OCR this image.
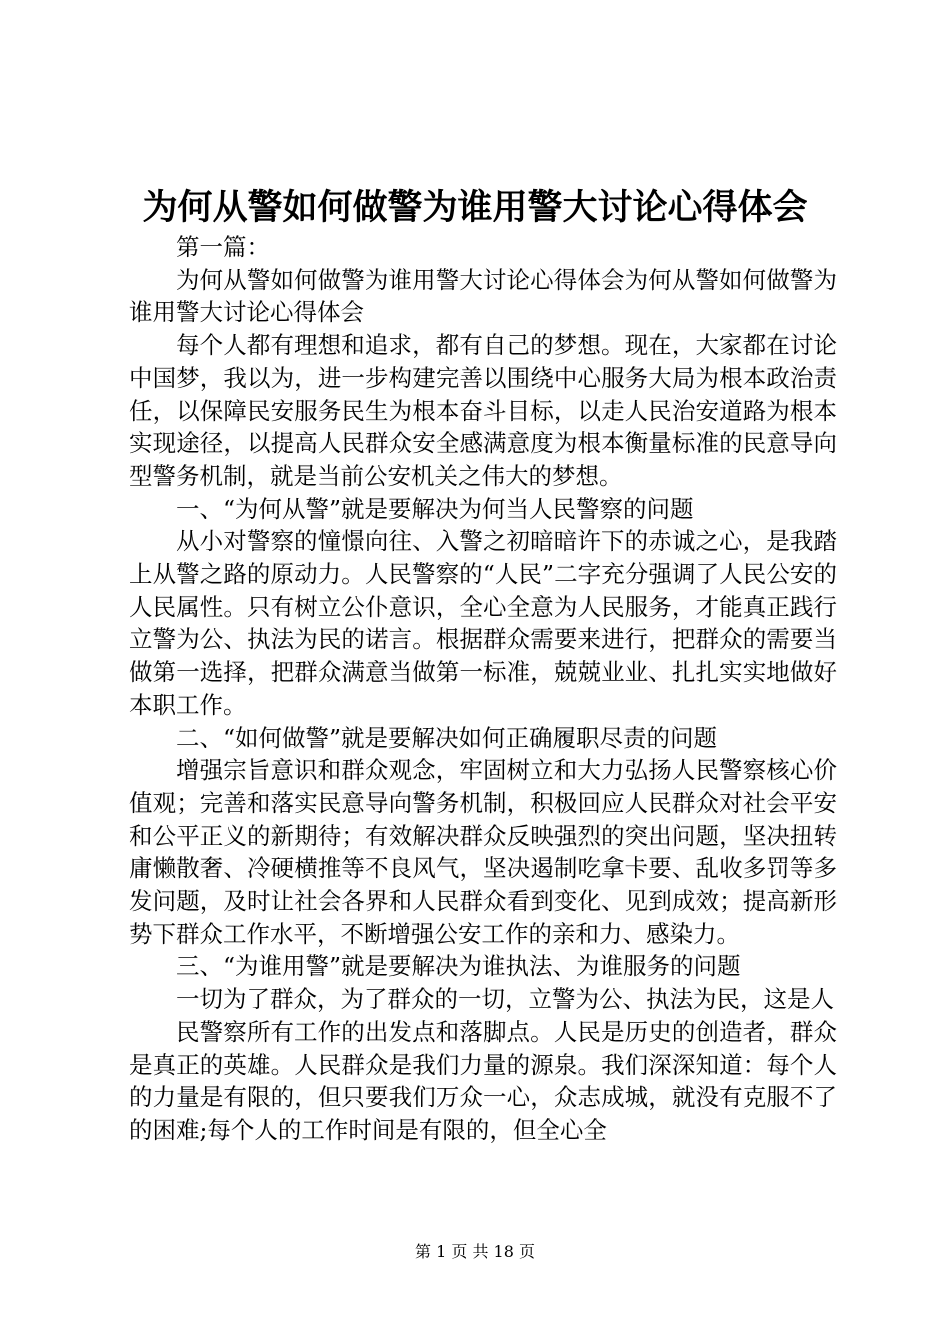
为何从警如何做警为谁用警大讨论心得体会

第一篇：

为何从警如何做警为谁用警大讨论心得体会为何从警如何做警为谁用警大讨论心得体会

每个人都有理想和追求，都有自己的梦想。现在，大家都在讨论中国梦，我以为，进一步构建完善以围绕中心服务大局为根本政治责任，以保障民安服务民生为根本奋斗目标，以走人民治安道路为根本实现途径，以提高人民群众安全感满意度为根本衡量标准的民意导向型警务机制，就是当前公安机关之伟大的梦想。

一、“为何从警”就是要解决为何当人民警察的问题

从小对警察的憧憬向往、入警之初暗暗许下的赤诚之心，是我踏上从警之路的原动力。人民警察的“人民”二字充分强调了人民公安的人民属性。只有树立公仆意识，全心全意为人民服务，才能真正践行立警为公、执法为民的诺言。根据群众需要来进行，把群众的需要当做第一选择，把群众满意当做第一标准，兢兢业业、扎扎实实地做好本职工作。

二、“如何做警”就是要解决如何正确履职尽责的问题

增强宗旨意识和群众观念，牢固树立和大力弘扬人民警察核心价值观；完善和落实民意导向警务机制，积极回应人民群众对社会平安和公平正义的新期待；有效解决群众反映强烈的突出问题，坚决扭转庸懒散奢、冷硬横推等不良风气，坚决遏制吃拿卡要、乱收多罚等多发问题，及时让社会各界和人民群众看到变化、见到成效；提高新形势下群众工作水平，不断增强公安工作的亲和力、感染力。

三、“为谁用警”就是要解决为谁执法、为谁服务的问题

一切为了群众，为了群众的一切，立警为公、执法为民，这是人

民警察所有工作的出发点和落脚点。人民是历史的创造者，群众是真正的英雄。人民群众是我们力量的源泉。我们深深知道：每个人的力量是有限的，但只要我们万众一心，众志成城，就没有克服不了的困难;每个人的工作时间是有限的，但全心全

第 1 页 共 18 页
